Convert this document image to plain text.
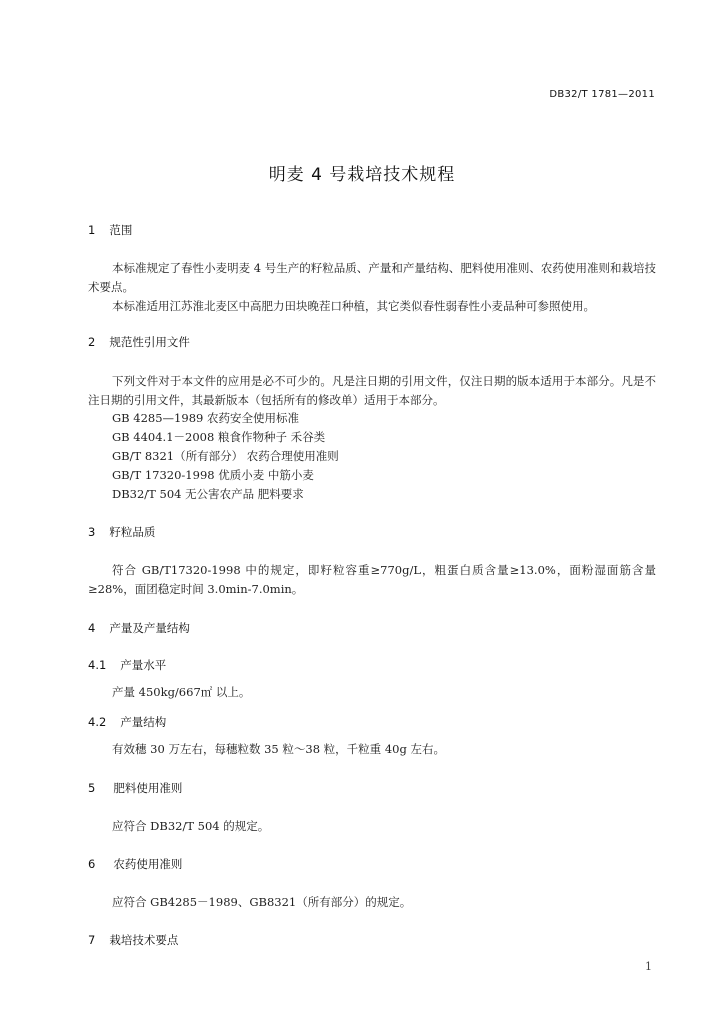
DB32/T 1781—2011
明麦 4 号栽培技术规程
1 范围
本标准规定了春性小麦明麦 4 号生产的籽粒品质、产量和产量结构、肥料使用准则、农药使用准则和栽培技术要点。
本标准适用江苏淮北麦区中高肥力田块晚茬口种植，其它类似春性弱春性小麦品种可参照使用。
2 规范性引用文件
下列文件对于本文件的应用是必不可少的。凡是注日期的引用文件，仅注日期的版本适用于本部分。凡是不注日期的引用文件，其最新版本（包括所有的修改单）适用于本部分。
GB 4285—1989 农药安全使用标准
GB 4404.1－2008 粮食作物种子 禾谷类
GB/T 8321（所有部分） 农药合理使用准则
GB/T 17320-1998 优质小麦 中筋小麦
DB32/T 504 无公害农产品 肥料要求
3 籽粒品质
符合 GB/T17320-1998 中的规定，即籽粒容重≥770g/L，粗蛋白质含量≥13.0%，面粉湿面筋含量≥28%，面团稳定时间 3.0min-7.0min。
4 产量及产量结构
4.1 产量水平
产量 450kg/667㎡ 以上。
4.2 产量结构
有效穗 30 万左右，每穗粒数 35 粒～38 粒，千粒重 40g 左右。
5 肥料使用准则
应符合 DB32/T 504 的规定。
6 农药使用准则
应符合 GB4285－1989、GB8321（所有部分）的规定。
7 栽培技术要点
1
